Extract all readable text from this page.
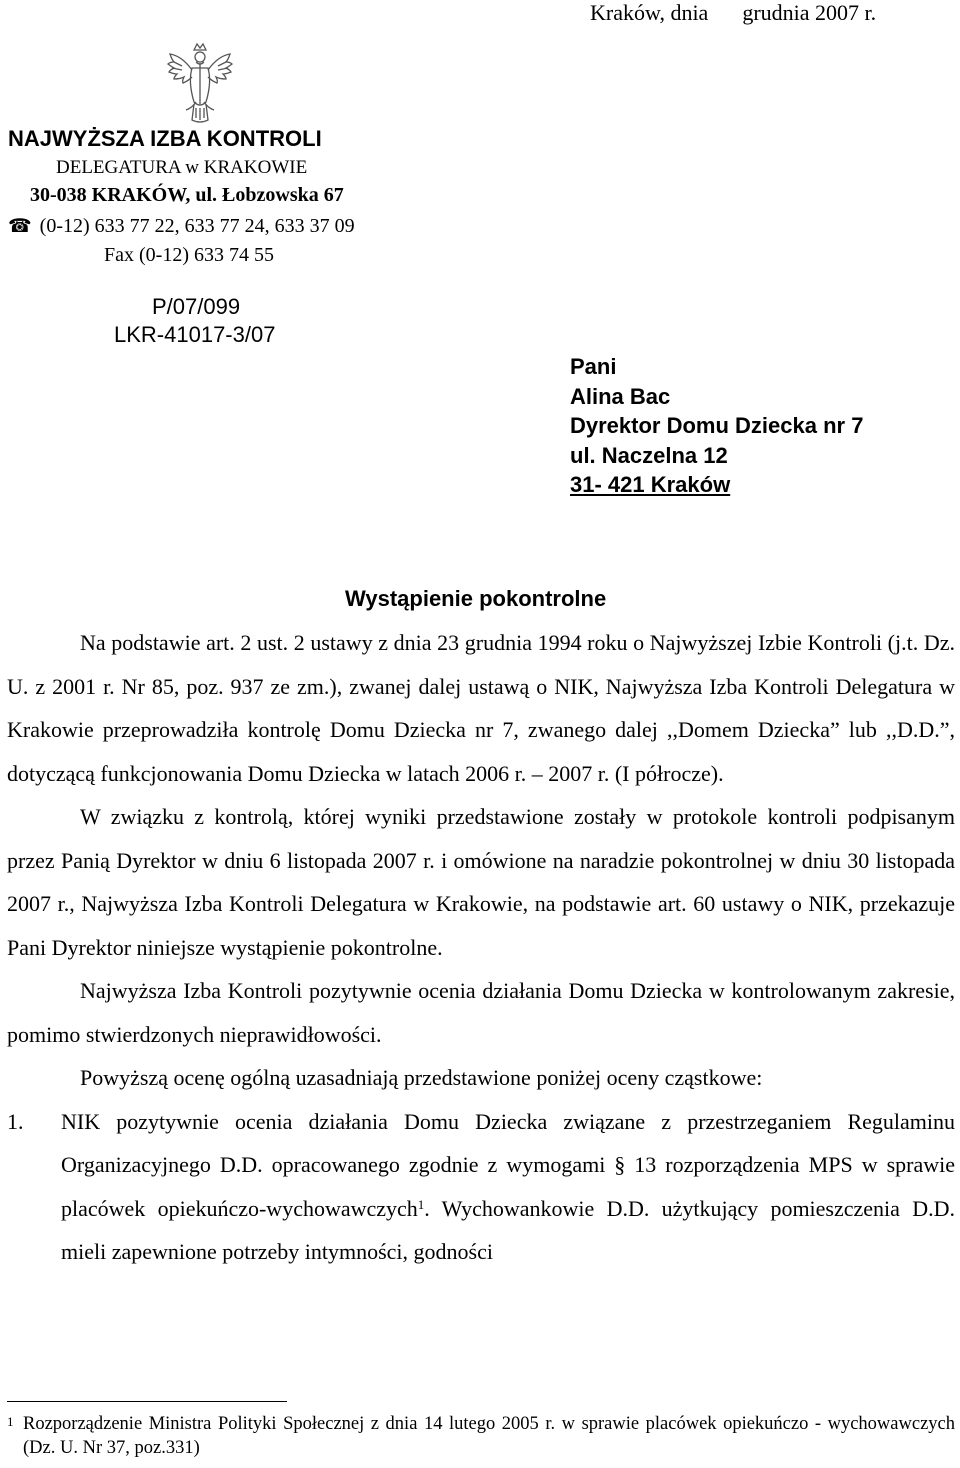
Kraków, dnia grudnia 2007 r.
NAJWYŻSZA IZBA KONTROLI
DELEGATURA w KRAKOWIE
30-038 KRAKÓW, ul. Łobzowska 67
☎ (0-12) 633 77 22, 633 77 24, 633 37 09
Fax (0-12) 633 74 55
P/07/099
LKR-41017-3/07
Pani
Alina Bac
Dyrektor Domu Dziecka nr 7
ul. Naczelna 12
31- 421 Kraków
Wystąpienie pokontrolne

Na podstawie art. 2 ust. 2 ustawy z dnia 23 grudnia 1994 roku o Najwyższej Izbie Kontroli (j.t. Dz. U. z 2001 r. Nr 85, poz. 937 ze zm.), zwanej dalej ustawą o NIK, Najwyższa Izba Kontroli Delegatura w Krakowie przeprowadziła kontrolę Domu Dziecka nr 7, zwanego dalej ,,Domem Dziecka” lub ,,D.D.”, dotyczącą funkcjonowania Domu Dziecka w latach 2006 r. – 2007 r. (I półrocze).

W związku z kontrolą, której wyniki przedstawione zostały w protokole kontroli podpisanym przez Panią Dyrektor w dniu 6 listopada 2007 r. i omówione na naradzie pokontrolnej w dniu 30 listopada 2007 r., Najwyższa Izba Kontroli Delegatura w Krakowie, na podstawie art. 60 ustawy o NIK, przekazuje Pani Dyrektor niniejsze wystąpienie pokontrolne.

Najwyższa Izba Kontroli pozytywnie ocenia działania Domu Dziecka w kontrolowanym zakresie, pomimo stwierdzonych nieprawidłowości.

Powyższą ocenę ogólną uzasadniają przedstawione poniżej oceny cząstkowe:

1. NIK pozytywnie ocenia działania Domu Dziecka związane z przestrzeganiem Regulaminu Organizacyjnego D.D. opracowanego zgodnie z wymogami § 13 rozporządzenia MPS w sprawie placówek opiekuńczo-wychowawczych$^1$. Wychowankowie D.D. użytkujący pomieszczenia D.D. mieli zapewnione potrzeby intymności, godności

1 Rozporządzenie Ministra Polityki Społecznej z dnia 14 lutego 2005 r. w sprawie placówek opiekuńczo - wychowawczych (Dz. U. Nr 37, poz.331)
